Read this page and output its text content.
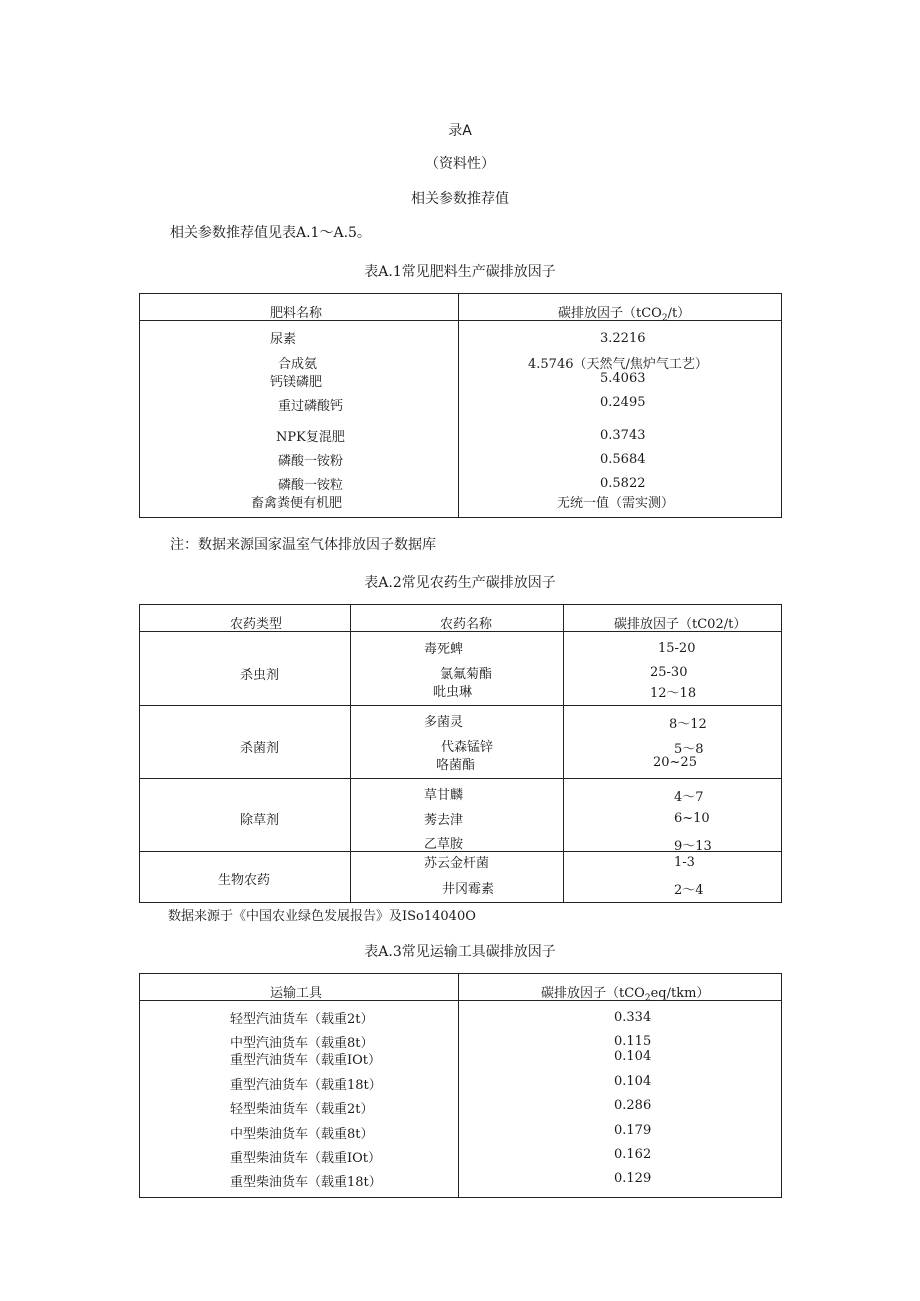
录A
（资料性）
相关参数推荐值
相关参数推荐值见表A.1〜A.5。
表A.1常见肥料生产碳排放因子
肥料名称	碳排放因子（tCO$_2$/t）
尿素	3.2216
合成氨	4.5746（天然气/焦炉气工艺）
钙镁磷肥	5.4063
重过磷酸钙	0.2495
NPK复混肥	0.3743
磷酸一铵粉	0.5684
磷酸一铵粒	0.5822
畜禽粪便有机肥	无统一值（需实测）
注：数据来源国家温室气体排放因子数据库
表A.2常见农药生产碳排放因子
农药类型	农药名称	碳排放因子（tC02/t）
杀虫剂
毒死蜱	15-20
氯氟菊酯	25-30
吡虫琳	12〜18
杀菌剂
多菌灵	8〜12
代森锰锌	5〜8
咯菌酯	20~25
除草剂
草甘麟	4〜7
莠去津	6~10
乙草胺	9〜13
生物农药
苏云金杆菌	1-3
井冈霉素	2〜4
数据来源于《中国农业绿色发展报告》及ISo14040O
表A.3常见运输工具碳排放因子
运输工具	碳排放因子（tCO$_2$eq/tkm）
轻型汽油货车（载重2t）	0.334
中型汽油货车（载重8t）	0.115
重型汽油货车（载重IOt）	0.104
重型汽油货车（载重18t）	0.104
轻型柴油货车（载重2t）	0.286
中型柴油货车（载重8t）	0.179
重型柴油货车（载重IOt）	0.162
重型柴油货车（载重18t）	0.129
